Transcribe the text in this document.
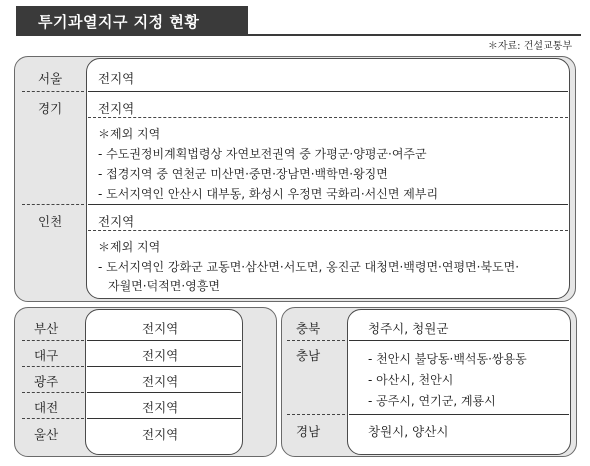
투기과열지구 지정 현황
＊자료: 건설교통부
서울	전지역
경기	전지역
＊제외 지역
- 수도권정비계획법령상 자연보전권역 중 가평군·양평군·여주군
- 접경지역 중 연천군 미산면·중면·장남면·백학면·왕징면
- 도서지역인 안산시 대부동, 화성시 우정면 국화리·서신면 제부리
인천	전지역
＊제외 지역
- 도서지역인 강화군 교동면·삼산면·서도면, 옹진군 대청면·백령면·연평면·북도면·
자월면·덕적면·영흥면
부산	전지역
대구	전지역
광주	전지역
대전	전지역
울산	전지역
충북	청주시, 청원군
충남	- 천안시 불당동·백석동·쌍용동
- 아산시, 천안시
- 공주시, 연기군, 계룡시
경남	창원시, 양산시
